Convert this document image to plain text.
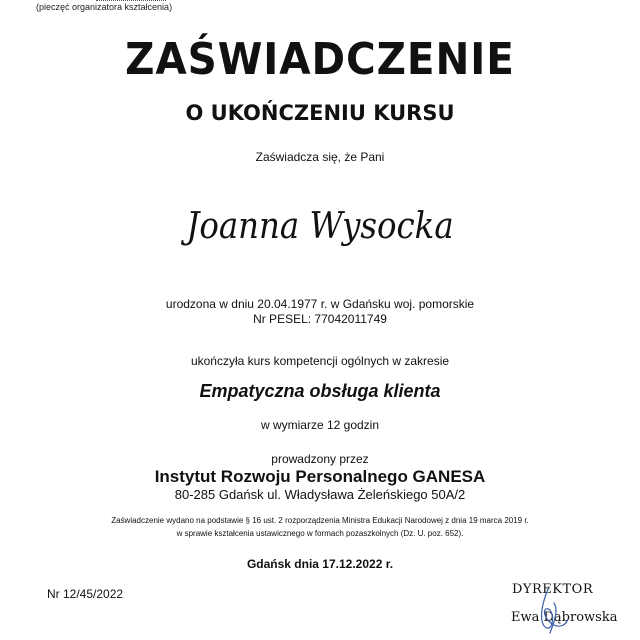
(pieczęć organizatora kształcenia)
ZAŚWIADCZENIE
O UKOŃCZENIU KURSU
Zaświadcza się, że Pani
Joanna Wysocka
urodzona w dniu 20.04.1977 r. w Gdańsku woj. pomorskie
Nr PESEL: 77042011749
ukończyła kurs kompetencji ogólnych w zakresie
Empatyczna obsługa klienta
w wymiarze 12 godzin
prowadzony przez
Instytut Rozwoju Personalnego GANESA
80-285 Gdańsk ul. Władysława Żeleńskiego 50A/2
Zaświadczenie wydano na podstawie § 16 ust. 2 rozporządzenia Ministra Edukacji Narodowej z dnia 19 marca 2019 r.
w sprawie kształcenia ustawicznego w formach pozaszkolnych (Dz. U. poz. 652).
Gdańsk dnia 17.12.2022 r.
Nr 12/45/2022	DYREKTOR
Ewa Dąbrowska
